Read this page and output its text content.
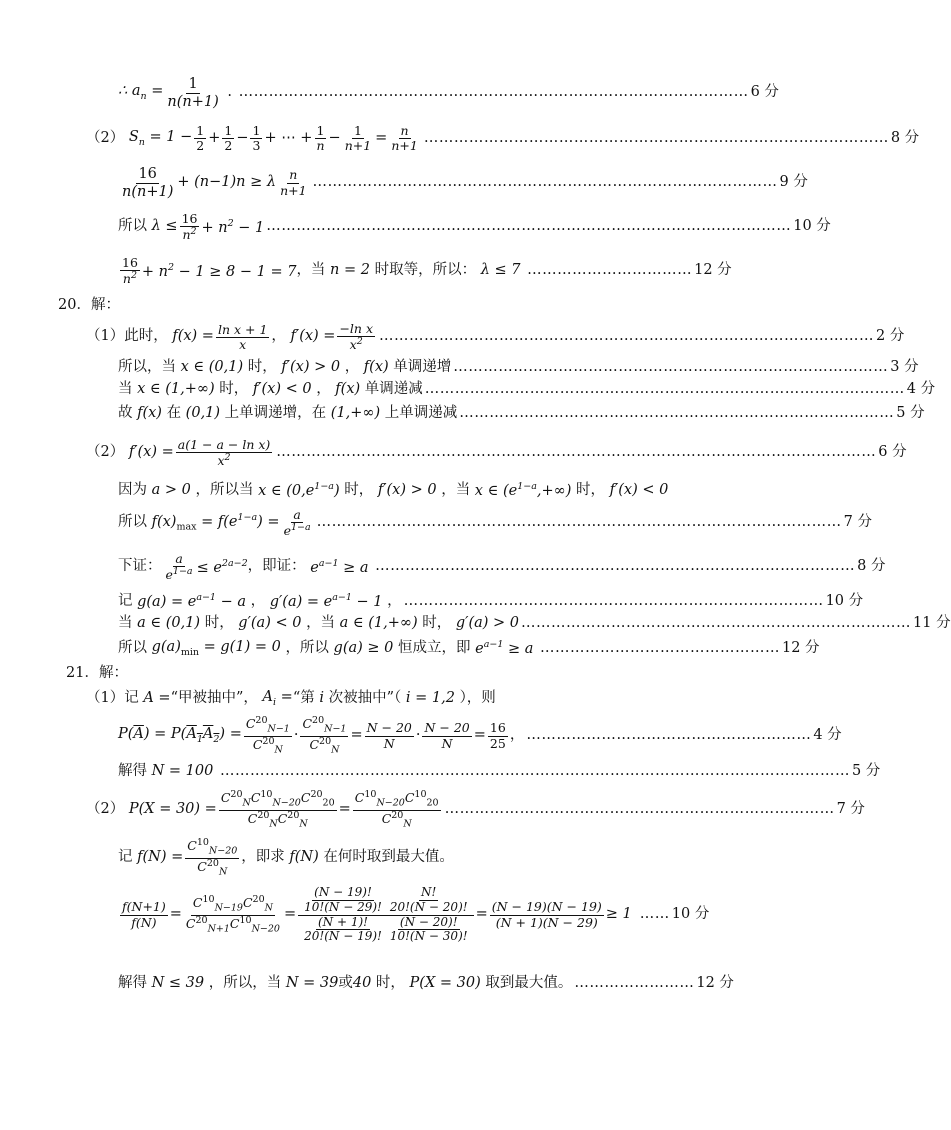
∴ $a_n = \frac{1}{n(n+1)}$ . ………………………………………………………………………………………… 6 分
（2） $S_n = 1 - \frac{1}{2} + \frac{1}{2} - \frac{1}{3}$ + ⋯ + $\frac{1}{n} - \frac{1}{n+1} = \frac{n}{n+1}$ ………………………………………………………………………………… 8 分
$\frac{16}{n(n+1)} + (n-1)n \ge \lambda \frac{n}{n+1}$ ………………………………………………………………………………… 9 分
所以 $\lambda \le \frac{16}{n^2} + n^2 - 1$ …………………………………………………………………………………………… 10 分
$\frac{16}{n^2} + n^2 - 1 \ge 8 - 1 = 7$ ，当 n = 2 时取等，所以： λ ≤ 7 …………………………… 12 分
20．解：
（1）此时， $f(x) = \frac{\text{ln x + 1}}{x}$ ， $f'(x) = \frac{\text{−ln x}}{x^2}$ ……………………………………………………………………………………… 2 分
所以，当 x ∈ (0,1) 时， f′(x) > 0 ， f(x) 单调递增 …………………………………………………………………………… 3 分
当 x ∈ (1,+∞) 时， f′(x) < 0 ， f(x) 单调递减 …………………………………………………………………………………… 4 分
故 f(x) 在 (0,1) 上单调递增，在 (1,+∞) 上单调递减 …………………………………………………………………………… 5 分
（2） $f'(x) = \frac{\text{a(1 − a − ln x)}}{x^2}$ ………………………………………………………………………………………………………… 6 分
因为 a > 0 ，所以当 x ∈ $(0,e^{1-a})$ 时， f′(x) > 0 ，当 x ∈ $(e^{1-a},+\infty)$ 时， f′(x) < 0
所以 $f(x)_{max} = f(e^{1-a}) = \frac{a}{e^{1-a}}$ …………………………………………………………………………………………… 7 分
下证： $\frac{a}{e^{1-a}} \le e^{2a-2}$ ，即证： $e^{a-1} \ge a$ …………………………………………………………………………………… 8 分
记 $g(a) = e^{a-1} - a$ ， $g'(a) = e^{a-1} - 1$ ， ………………………………………………………………………… 10 分
当 a ∈ (0,1) 时， g′(a) < 0 ，当 a ∈ (1,+∞) 时， g′(a) > 0 …………………………………………………………………… 11 分
所以 $g(a)_{min} = g(1) = 0$ ，所以 g(a) ≥ 0 恒成立，即 $e^{a-1} \ge a$ ………………………………………… 12 分
21．解：
（1）记 A = “甲被抽中”， $A_i$ = “第 i 次被抽中”（ i = 1,2 ），则
$P(\overline{A}) = P(A_1A_2) = \frac{C^{20}_{N-1}}{C^{20}_N} \cdot \frac{C^{20}_{N-1}}{C^{20}_N} = \frac{N - 20}{N} \cdot \frac{N - 20}{N} = \frac{16}{25}$ ， ………………………………………………… 4 分
解得 N = 100 ……………………………………………………………………………………………………………… 5 分
（2） $P(X = 30) = \frac{C^{20}_NC^{10}_{N-20}C^{20}_{20}}{C^{20}_NC^{20}_N} = \frac{C^{10}_{N-20}C^{10}_{20}}{C^{20}_N}$ …………………………………………………………………… 7 分
记 $f(N) = \frac{C^{10}_{N-20}}{C^{20}_N}$ ，即求 f(N) 在何时取到最大值。
$\frac{f(N+1)}{f(N)} = \frac{C^{10}_{N-19}C^{20}_N}{C^{20}_{N+1}C^{10}_{N-20}} = \frac{\frac{(N - 19)!}{10!(N - 29)!} \frac{N!}{20!(N - 20)!}}{\frac{(N + 1)!}{20!(N - 19)!} \frac{(N - 20)!}{10!(N - 30)!}} = \frac{(N - 19)(N - 19)}{(N + 1)(N - 29)} \ge 1$ …… 10 分
解得 N ≤ 39 ，所以，当 N = 39 或 40 时， P(X = 30) 取到最大值。 …………………… 12 分
